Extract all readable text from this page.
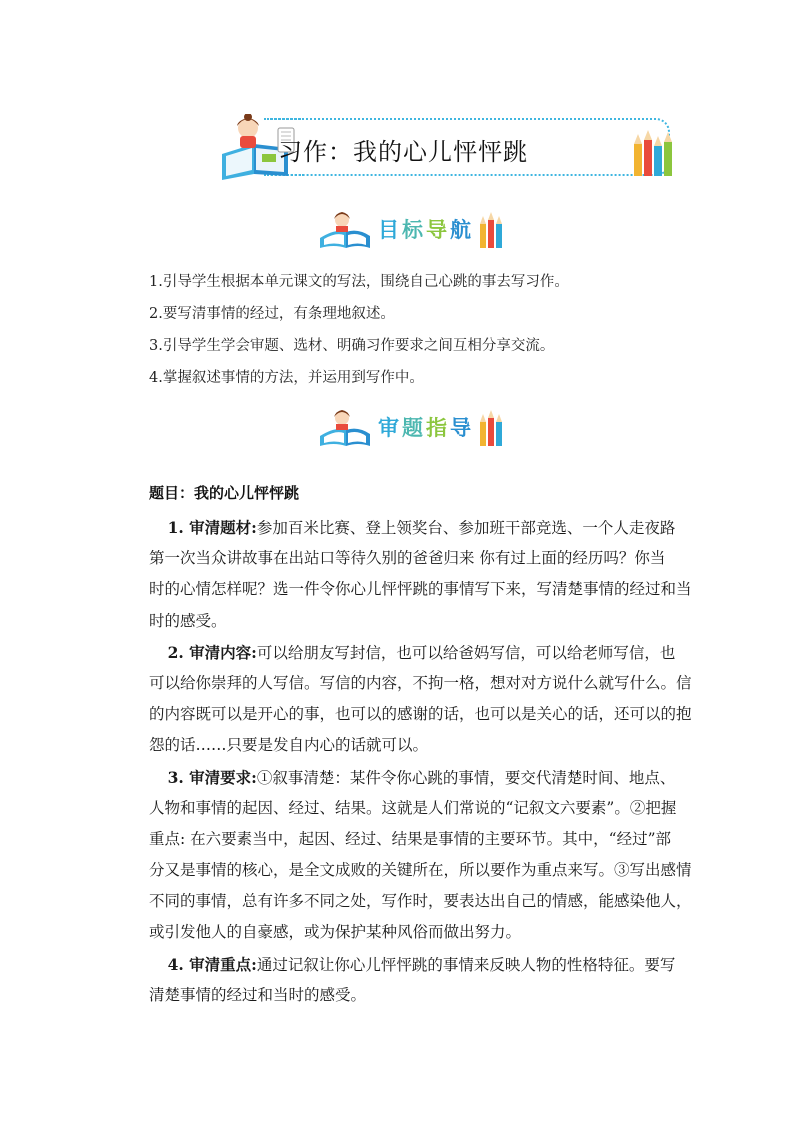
习作：我的心儿怦怦跳
目标导航
1.引导学生根据本单元课文的写法，围绕自己心跳的事去写习作。
2.要写清事情的经过，有条理地叙述。
3.引导学生学会审题、选材、明确习作要求之间互相分享交流。
4.掌握叙述事情的方法，并运用到写作中。
审题指导
题目：我的心儿怦怦跳
1. 审清题材:参加百米比赛、登上领奖台、参加班干部竞选、一个人走夜路
第一次当众讲故事在出站口等待久别的爸爸归来 你有过上面的经历吗？你当
时的心情怎样呢？选一件令你心儿怦怦跳的事情写下来，写清楚事情的经过和当
时的感受。
2. 审清内容:可以给朋友写封信，也可以给爸妈写信，可以给老师写信，也
可以给你崇拜的人写信。写信的内容，不拘一格，想对对方说什么就写什么。信
的内容既可以是开心的事，也可以的感谢的话，也可以是关心的话，还可以的抱
怨的话……只要是发自内心的话就可以。
3. 审清要求:①叙事清楚：某件令你心跳的事情，要交代清楚时间、地点、
人物和事情的起因、经过、结果。这就是人们常说的“记叙文六要素”。②把握
重点: 在六要素当中，起因、经过、结果是事情的主要环节。其中，“经过”部
分又是事情的核心，是全文成败的关键所在，所以要作为重点来写。③写出感情
不同的事情，总有许多不同之处，写作时，要表达出自己的情感，能感染他人，
或引发他人的自豪感，或为保护某种风俗而做出努力。
4. 审清重点:通过记叙让你心儿怦怦跳的事情来反映人物的性格特征。要写
清楚事情的经过和当时的感受。
